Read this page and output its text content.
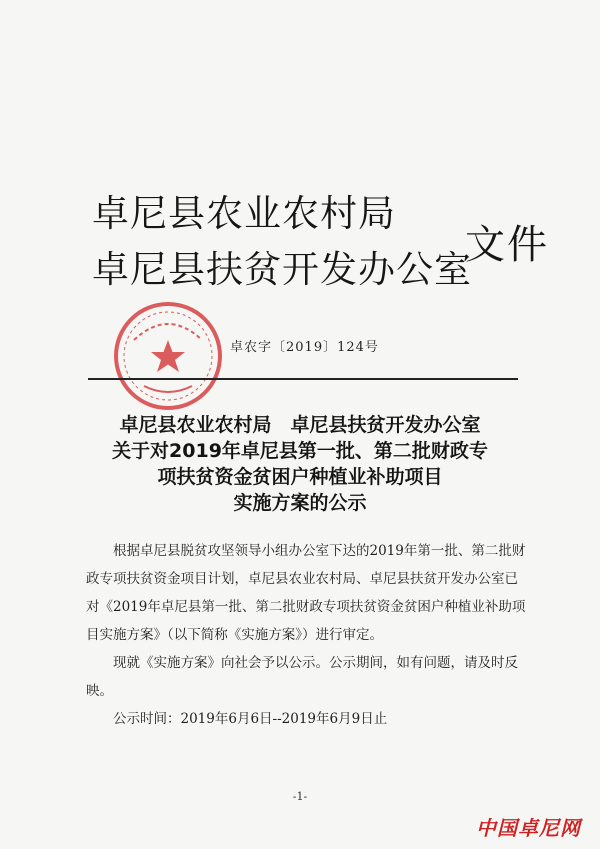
卓尼县农业农村局
卓尼县扶贫开发办公室
文件
卓农字〔2019〕124号
卓尼县农业农村局　卓尼县扶贫开发办公室
关于对2019年卓尼县第一批、第二批财政专
项扶贫资金贫困户种植业补助项目
实施方案的公示

根据卓尼县脱贫攻坚领导小组办公室下达的2019年第一批、第二批财政专项扶贫资金项目计划，卓尼县农业农村局、卓尼县扶贫开发办公室已对《2019年卓尼县第一批、第二批财政专项扶贫资金贫困户种植业补助项目实施方案》（以下简称《实施方案》）进行审定。

现就《实施方案》向社会予以公示。公示期间，如有问题，请及时反映。

公示时间：2019年6月6日--2019年6月9日止

-1-
中国卓尼网
